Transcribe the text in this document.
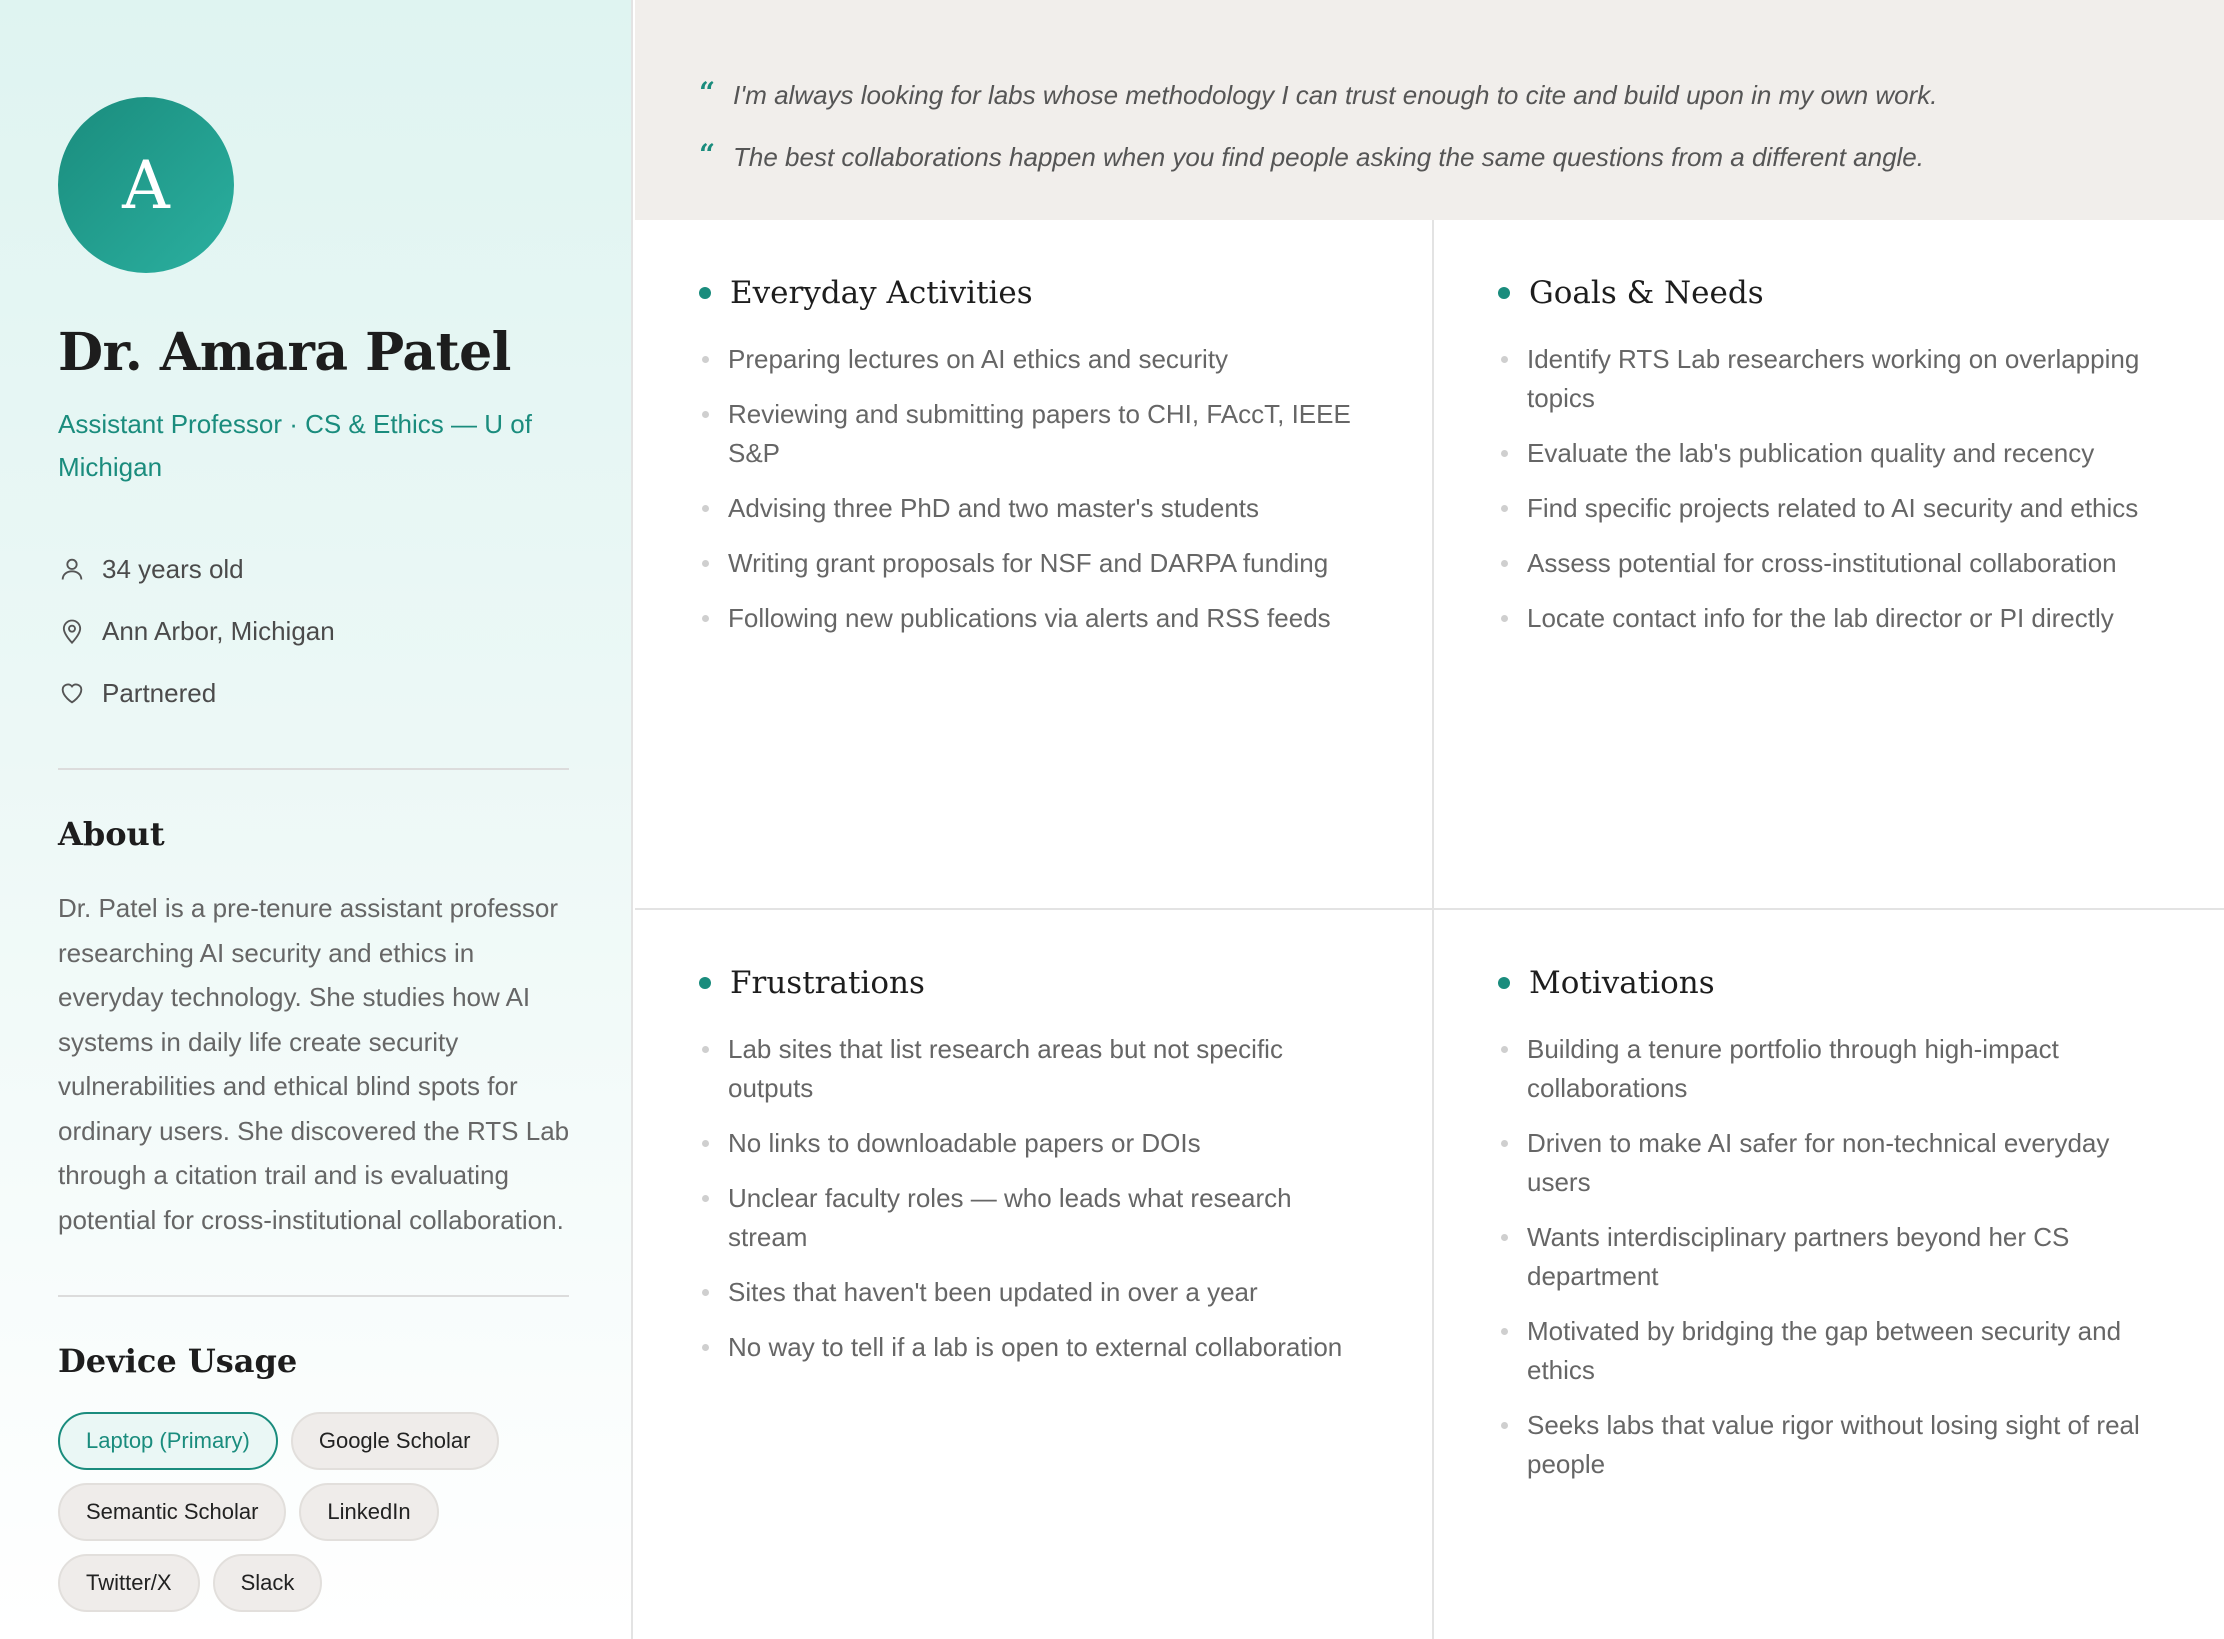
A
Dr. Amara Patel
Assistant Professor · CS & Ethics — U of Michigan
34 years old
Ann Arbor, Michigan
Partnered
About

Dr. Patel is a pre-tenure assistant professor researching AI security and ethics in everyday technology. She studies how AI systems in daily life create security vulnerabilities and ethical blind spots for ordinary users. She discovered the RTS Lab through a citation trail and is evaluating potential for cross-institutional collaboration.

Device Usage
Laptop (Primary)	Google Scholar
Semantic Scholar	LinkedIn
Twitter/X	Slack
“ I'm always looking for labs whose methodology I can trust enough to cite and build upon in my own work.
“ The best collaborations happen when you find people asking the same questions from a different angle.
Everyday Activities
Preparing lectures on AI ethics and security
Reviewing and submitting papers to CHI, FAccT, IEEE S&P
Advising three PhD and two master's students
Writing grant proposals for NSF and DARPA funding
Following new publications via alerts and RSS feeds
Goals & Needs
Identify RTS Lab researchers working on overlapping topics
Evaluate the lab's publication quality and recency
Find specific projects related to AI security and ethics
Assess potential for cross-institutional collaboration
Locate contact info for the lab director or PI directly
Frustrations
Lab sites that list research areas but not specific outputs
No links to downloadable papers or DOIs
Unclear faculty roles — who leads what research stream
Sites that haven't been updated in over a year
No way to tell if a lab is open to external collaboration
Motivations
Building a tenure portfolio through high-impact collaborations
Driven to make AI safer for non-technical everyday users
Wants interdisciplinary partners beyond her CS department
Motivated by bridging the gap between security and ethics
Seeks labs that value rigor without losing sight of real people
